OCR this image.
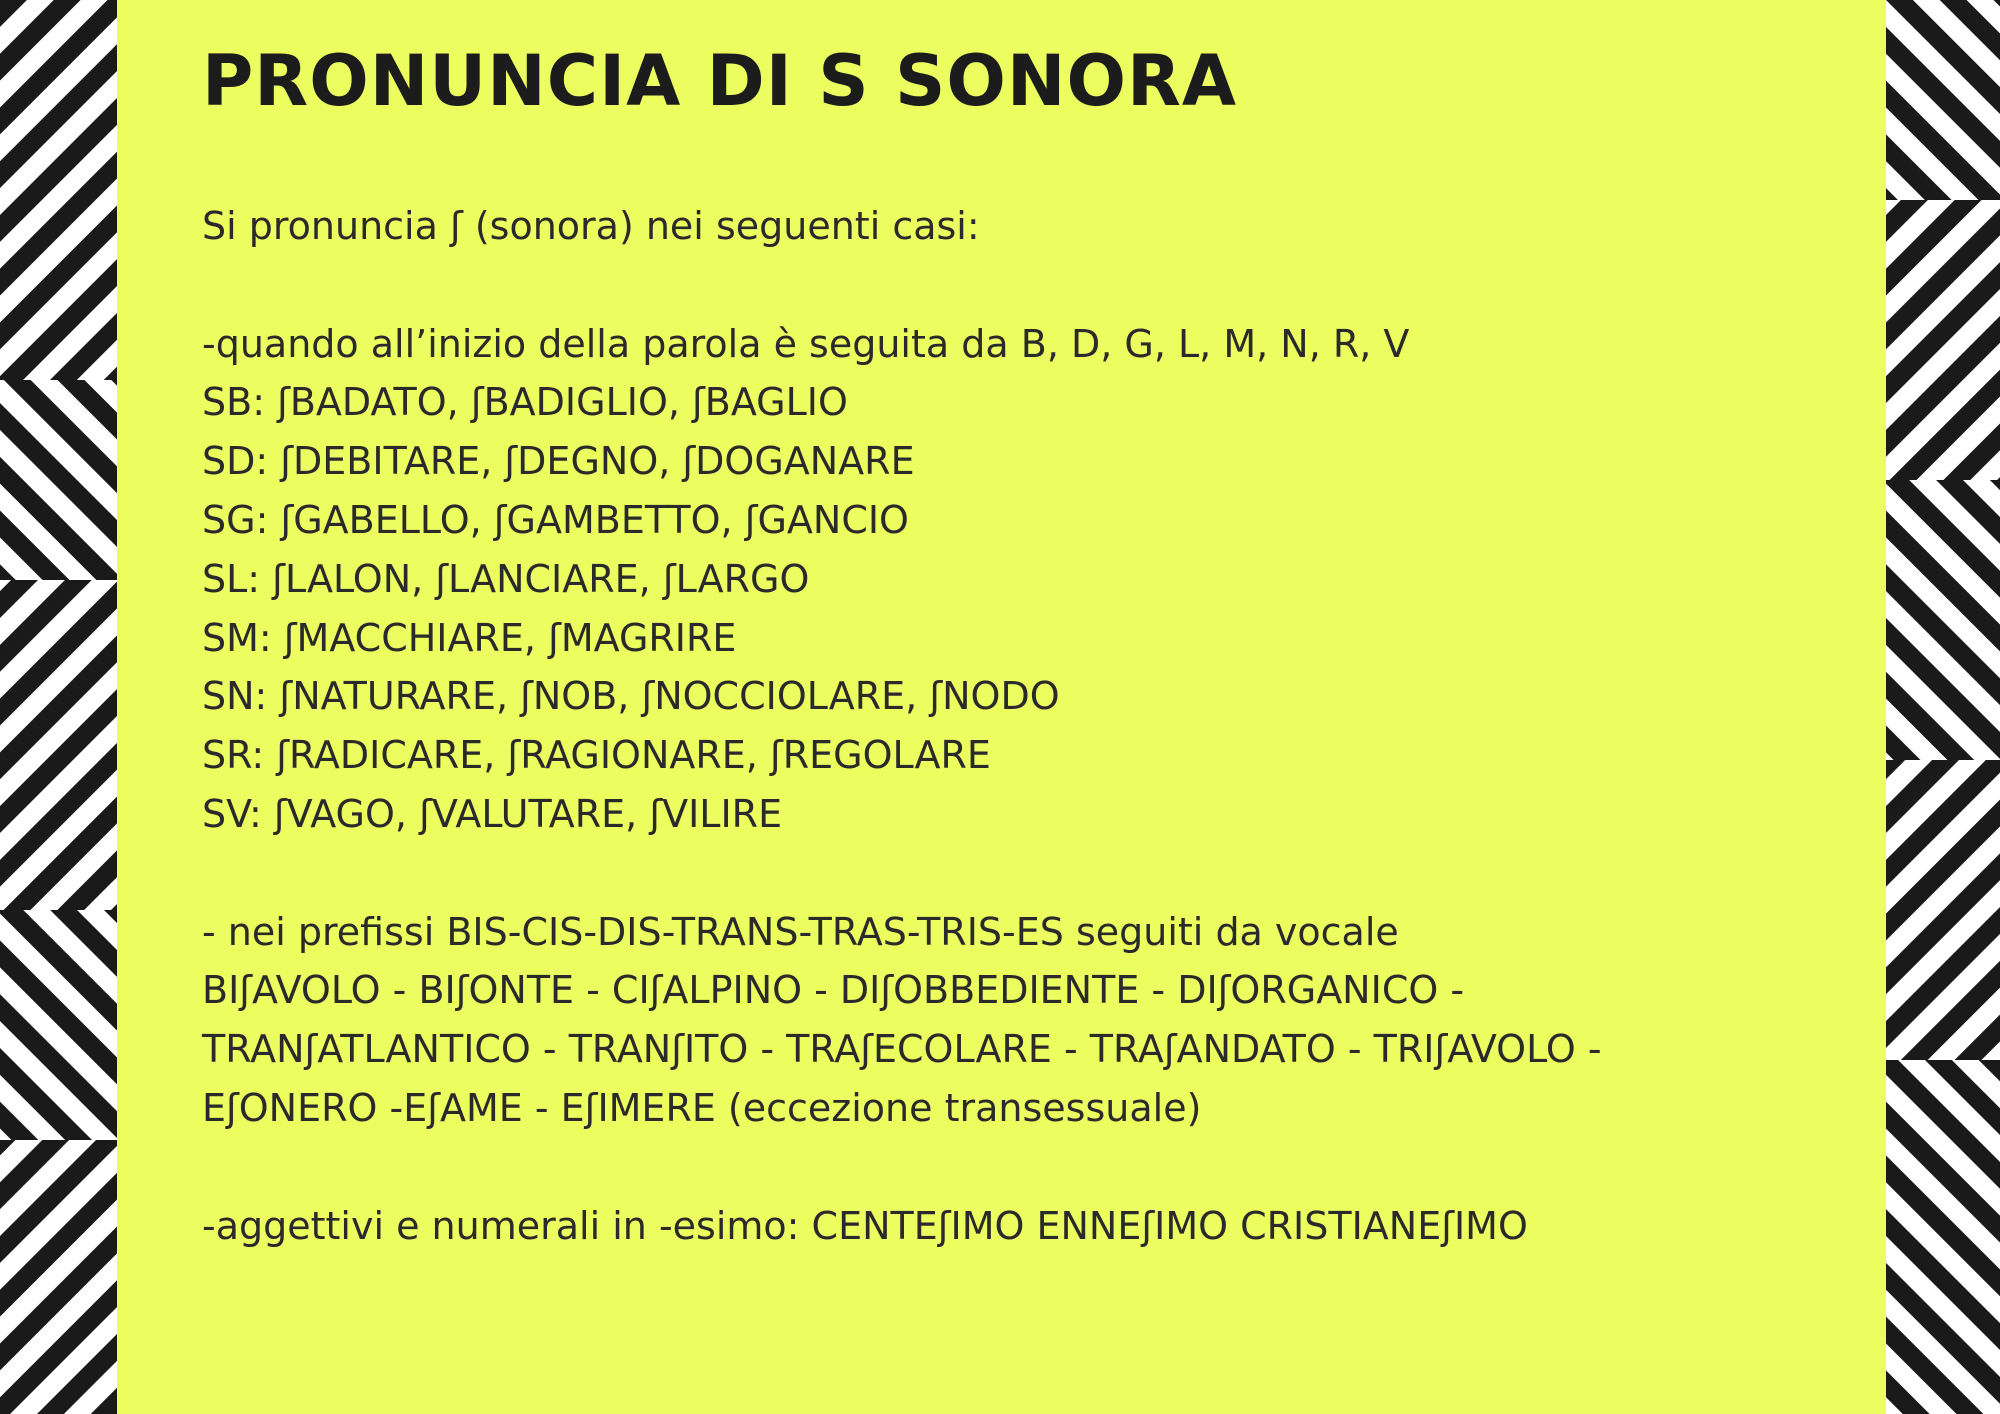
PRONUNCIA DI S SONORA
Si pronuncia ʃ (sonora) nei seguenti casi:
-quando all’inizio della parola è seguita da B, D, G, L, M, N, R, V
SB: ʃBADATO, ʃBADIGLIO, ʃBAGLIO
SD: ʃDEBITARE, ʃDEGNO, ʃDOGANARE
SG: ʃGABELLO, ʃGAMBETTO, ʃGANCIO
SL: ʃLALON, ʃLANCIARE, ʃLARGO
SM: ʃMACCHIARE, ʃMAGRIRE
SN: ʃNATURARE, ʃNOB, ʃNOCCIOLARE, ʃNODO
SR: ʃRADICARE, ʃRAGIONARE, ʃREGOLARE
SV: ʃVAGO, ʃVALUTARE, ʃVILIRE
- nei prefissi BIS-CIS-DIS-TRANS-TRAS-TRIS-ES seguiti da vocale
BIʃAVOLO - BIʃONTE - CIʃALPINO - DIʃOBBEDIENTE - DIʃORGANICO -
TRANʃATLANTICO - TRANʃITO - TRAʃECOLARE - TRAʃANDATO - TRIʃAVOLO -
EʃONERO -EʃAME - EʃIMERE (eccezione transessuale)
-aggettivi e numerali in -esimo: CENTEʃIMO ENNEʃIMO CRISTIANEʃIMO
